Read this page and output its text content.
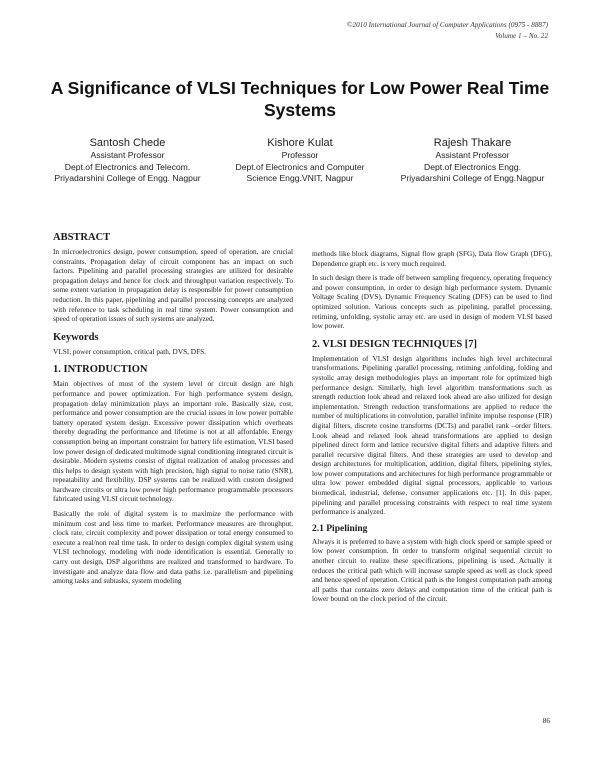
©2010 International Journal of Computer Applications (0975 - 8887)
Volume 1 – No. 22
A Significance of VLSI Techniques for Low Power Real Time Systems
Santosh Chede
Assistant Professor
Dept.of Electronics and Telecom.
Priyadarshini College of Engg. Nagpur
Kishore Kulat
Professor
Dept.of Electronics and Computer
Science Engg.VNIT, Nagpur
Rajesh Thakare
Assistant Professor
Dept.of Electronics Engg.
Priyadarshini College of Engg.Nagpur
ABSTRACT

In microelectronics design, power consumption, speed of operation, are crucial constraints. Propagation delay of circuit component has an impact on such factors. Pipelining and parallel processing strategies are utilized for desirable propagation delays and hence for clock and throughput variation respectively. To some extent variation in propagation delay is responsible for power consumption reduction. In this paper, pipelining and parallel processing concepts are analyzed with reference to task scheduling in real time system. Power consumption and speed of operation issues of such systems are analyzed.

Keywords

VLSI, power consumption, critical path, DVS, DFS.

1. INTRODUCTION

Main objectives of most of the system level or circuit design are high performance and power optimization. For high performance system design, propagation delay minimization plays an important role. Basically size, cost, performance and power consumption are the crucial issues in low power portable battery operated system design. Excessive power dissipation which overheats thereby degrading the performance and lifetime is not at all affordable. Energy consumption being an important constraint for battery life estimation, VLSI based low power design of dedicated multimode signal conditioning integrated circuit is desirable. Modern systems consist of digital realization of analog processes and this helps to design system with high precision, high signal to noise ratio (SNR), repeatability and flexibility. DSP systems can be realized with custom designed hardware circuits or ultra low power high performance programmable processors fabricated using VLSI circuit technology.

Basically the role of digital system is to maximize the performance with minimum cost and less time to market. Performance measures are throughput, clock rate, circuit complexity and power dissipation or total energy consumed to execute a real/non real time task. In order to design complex digital system using VLSI technology, modeling with node identification is essential. Generally to carry out design, DSP algorithms are realized and transformed to hardware. To investigate and analyze data flow and data paths i.e. parallelism and pipelining among tasks and subtasks, system modeling

methods like block diagrams, Signal flow graph (SFG), Data flow Graph (DFG), Dependence graph etc. is very much required.

In such design there is trade off between sampling frequency, operating frequency and power consumption, in order to design high performance system. Dynamic Voltage Scaling (DVS), Dynamic Frequency Scaling (DFS) can be used to find optimized solution. Various concepts such as pipelining, parallel processing, retiming, unfolding, systolic array etc. are used in design of modern VLSI based low power.

2. VLSI DESIGN TECHNIQUES [7]

Implementation of VLSI design algorithms includes high level architectural transformations. Pipelining ,parallel processing, retiming ,unfolding, folding and systolic array design methodologies plays an important role for optimized high performance design. Similarly, high level algorithm transformations such as strength reduction look ahead and relaxed look ahead are also utilized for design implementation. Strength reduction transformations are applied to reduce the number of multiplications in convolution, parallel infinite impulse response (FIR) digital filters, discrete cosine transforms (DCTs) and parallel rank –order filters. Look ahead and relaxed look ahead transformations are applied to design pipelined direct form and lattice recursive digital filters and adaptive filters and parallel recursive digital filters. And these strategies are used to develop and design architectures for multiplication, addition, digital filters, pipelining styles, low power computations and architectures for high performance programmable or ultra low power embedded digital signal processors, applicable to various biomedical, industrial, defense, consumer applications etc. [1]. In this paper, pipelining and parallel processing constraints with respect to real time system performance is analyzed.

2.1 Pipelining

Always it is preferred to have a system with high clock speed or sample speed or low power consumption. In order to transform original sequential circuit to another circuit to realize these specifications, pipelining is used. Actually it reduces the critical path which will increase sample speed as well as clock speed and hence speed of operation. Critical path is the longest computation path among all paths that contains zero delays and computation time of the critical path is lower bound on the clock period of the circuit.

86
